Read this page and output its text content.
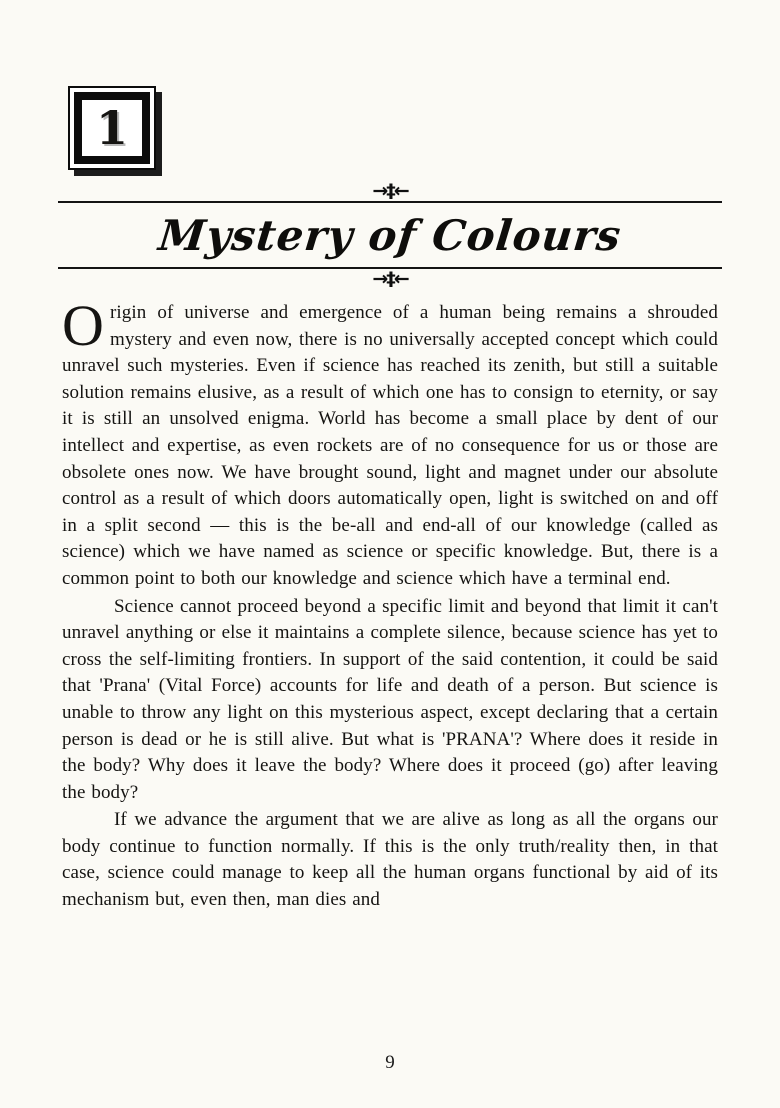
1
→‡←
Mystery of Colours
→‡←

Origin of universe and emergence of a human being remains a shrouded mystery and even now, there is no universally accepted concept which could unravel such mysteries. Even if science has reached its zenith, but still a suitable solution remains elusive, as a result of which one has to consign to eternity, or say it is still an unsolved enigma. World has become a small place by dent of our intellect and expertise, as even rockets are of no consequence for us or those are obsolete ones now. We have brought sound, light and magnet under our absolute control as a result of which doors automatically open, light is switched on and off in a split second — this is the be-all and end-all of our knowledge (called as science) which we have named as science or specific knowledge. But, there is a common point to both our knowledge and science which have a terminal end.

Science cannot proceed beyond a specific limit and beyond that limit it can't unravel anything or else it maintains a complete silence, because science has yet to cross the self-limiting frontiers. In support of the said contention, it could be said that 'Prana' (Vital Force) accounts for life and death of a person. But science is unable to throw any light on this mysterious aspect, except declaring that a certain person is dead or he is still alive. But what is 'PRANA'? Where does it reside in the body? Why does it leave the body? Where does it proceed (go) after leaving the body?

If we advance the argument that we are alive as long as all the organs our body continue to function normally. If this is the only truth/reality then, in that case, science could manage to keep all the human organs functional by aid of its mechanism but, even then, man dies and

9
